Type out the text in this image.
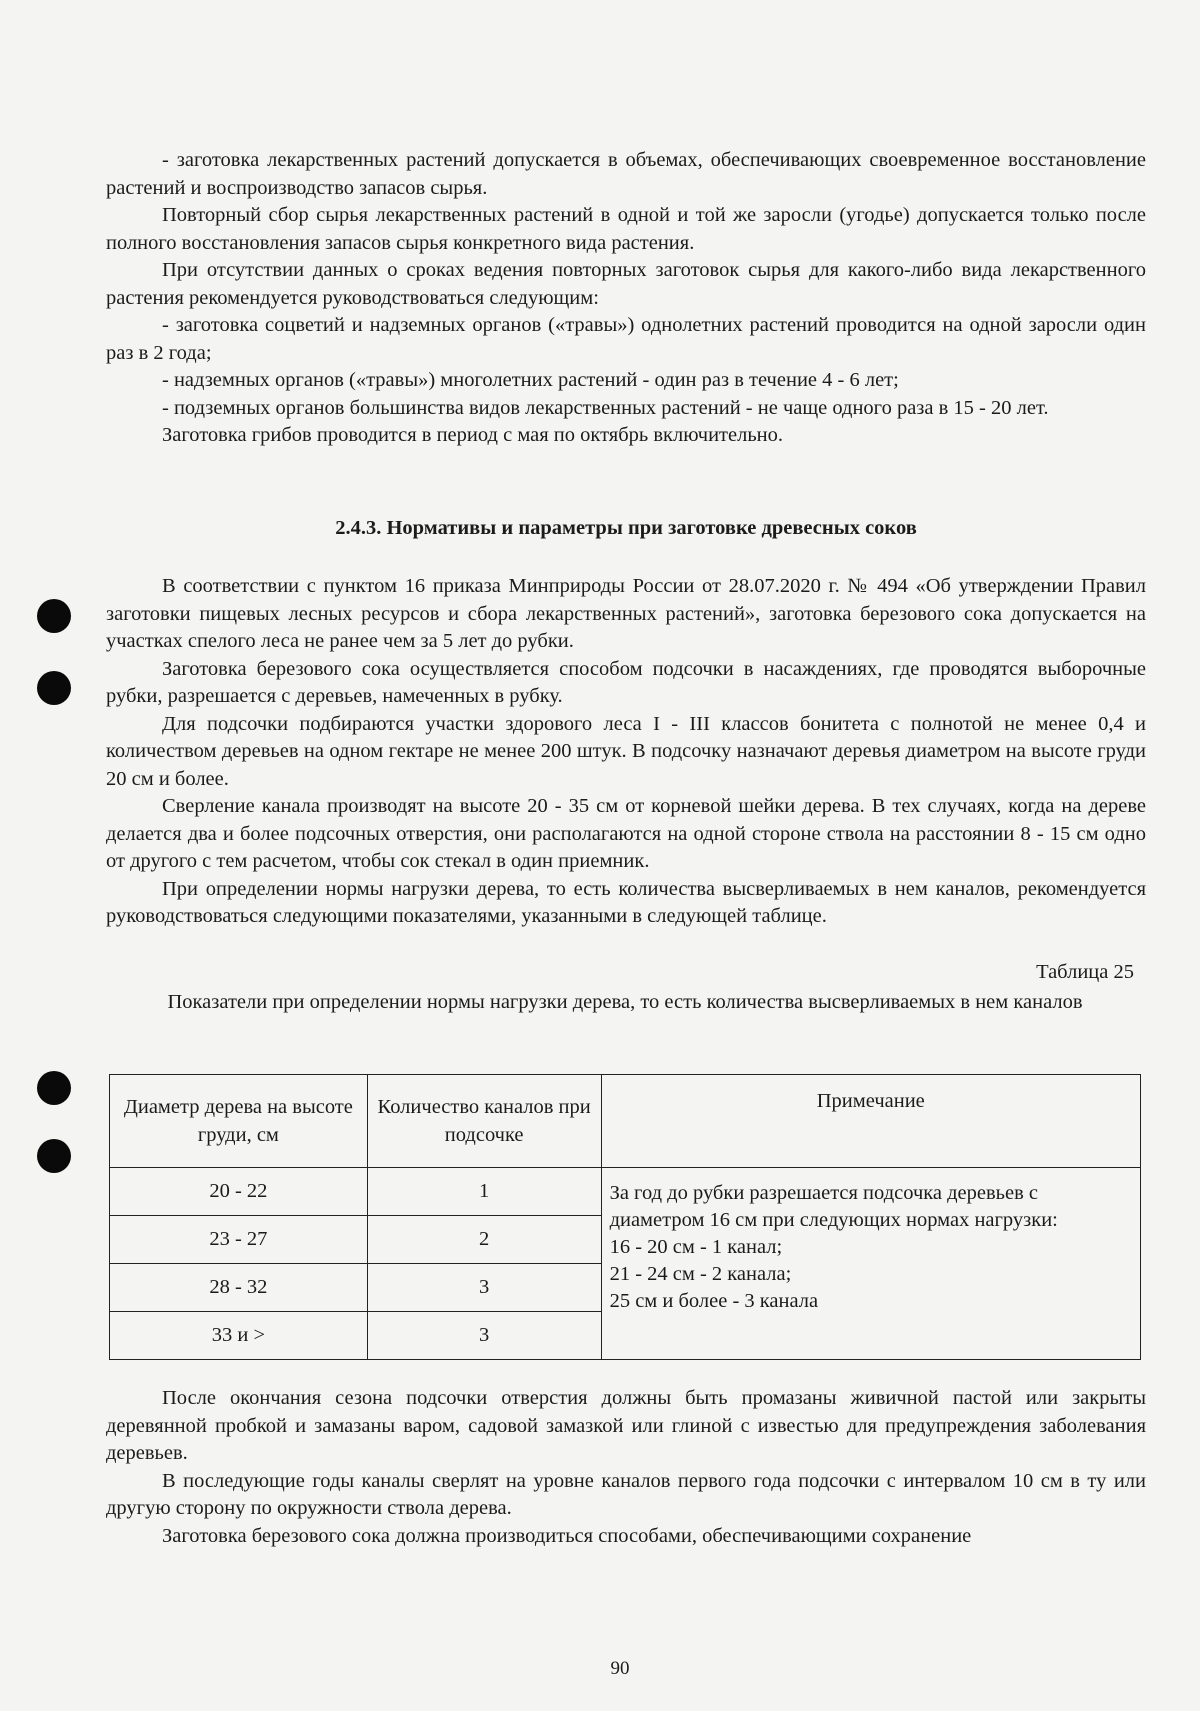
- заготовка лекарственных растений допускается в объемах, обеспечивающих своевременное восстановление растений и воспроизводство запасов сырья.

Повторный сбор сырья лекарственных растений в одной и той же заросли (угодье) допускается только после полного восстановления запасов сырья конкретного вида растения.

При отсутствии данных о сроках ведения повторных заготовок сырья для какого-либо вида лекарственного растения рекомендуется руководствоваться следующим:

- заготовка соцветий и надземных органов («травы») однолетних растений проводится на одной заросли один раз в 2 года;

- надземных органов («травы») многолетних растений - один раз в течение 4 - 6 лет;

- подземных органов большинства видов лекарственных растений - не чаще одного раза в 15 - 20 лет.

Заготовка грибов проводится в период с мая по октябрь включительно.

2.4.3. Нормативы и параметры при заготовке древесных соков

В соответствии с пунктом 16 приказа Минприроды России от 28.07.2020 г. № 494 «Об утверждении Правил заготовки пищевых лесных ресурсов и сбора лекарственных растений», заготовка березового сока допускается на участках спелого леса не ранее чем за 5 лет до рубки.

Заготовка березового сока осуществляется способом подсочки в насаждениях, где проводятся выборочные рубки, разрешается с деревьев, намеченных в рубку.

Для подсочки подбираются участки здорового леса I - III классов бонитета с полнотой не менее 0,4 и количеством деревьев на одном гектаре не менее 200 штук. В подсочку назначают деревья диаметром на высоте груди 20 см и более.

Сверление канала производят на высоте 20 - 35 см от корневой шейки дерева. В тех случаях, когда на дереве делается два и более подсочных отверстия, они располагаются на одной стороне ствола на расстоянии 8 - 15 см одно от другого с тем расчетом, чтобы сок стекал в один приемник.

При определении нормы нагрузки дерева, то есть количества высверливаемых в нем каналов, рекомендуется руководствоваться следующими показателями, указанными в следующей таблице.

Таблица 25
Показатели при определении нормы нагрузки дерева, то есть количества высверливаемых в нем каналов
Диаметр дерева на высоте груди, см	Количество каналов при подсочке	Примечание
20 - 22	1	За год до рубки разрешается подсочка деревьев с диаметром 16 см при следующих нормах нагрузки:
16 - 20 см - 1 канал;
21 - 24 см - 2 канала;
25 см и более - 3 канала

23 - 27	2	
28 - 32	3	
33 и >	3	

После окончания сезона подсочки отверстия должны быть промазаны живичной пастой или закрыты деревянной пробкой и замазаны варом, садовой замазкой или глиной с известью для предупреждения заболевания деревьев.

В последующие годы каналы сверлят на уровне каналов первого года подсочки с интервалом 10 см в ту или другую сторону по окружности ствола дерева.

Заготовка березового сока должна производиться способами, обеспечивающими сохранение

90
